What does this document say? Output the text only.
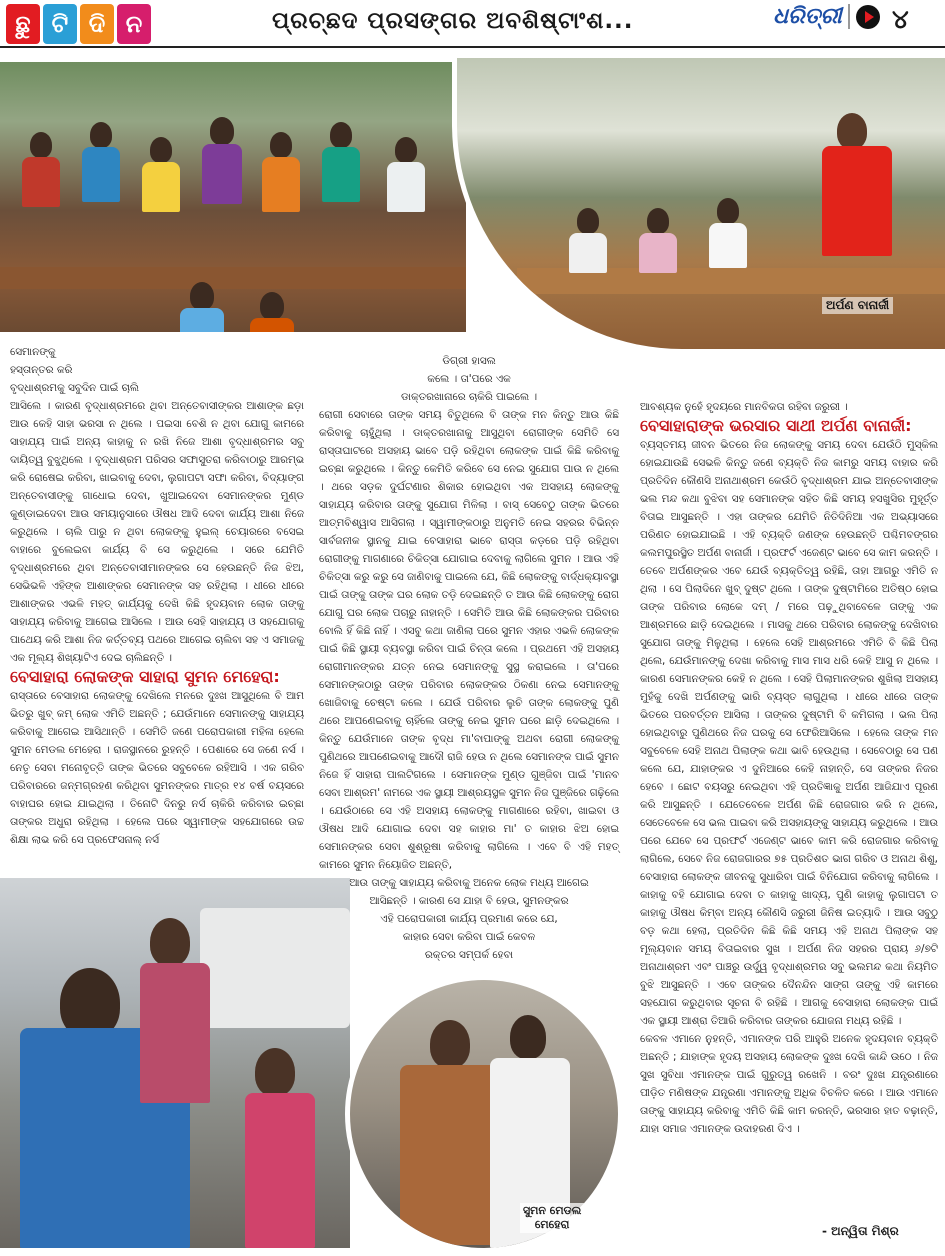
ଛୁ ଟି ଦି ନ	ପ୍ରଚ୍ଛଦ ପ୍ରସଙ୍ଗର ଅବଶିଷ୍ଟାଂଶ...	ଧରିତ୍ରୀ	୪
ଅର୍ପଣ ବାନାର୍ଜୀ
ସୁମନ ମେଡଲ
ମେହେରା

ସେମାନଙ୍କୁ

ହସ୍ତାନ୍ତର କରି

ବୃଦ୍ଧାଶ୍ରମକୁ ସବୁଦିନ ପାଇଁ ଚାଲି

ଆସିଲେ । କାରଣ ବୃଦ୍ଧାଶ୍ରମରେ ଥିବା ଅନ୍ତେବାସୀଙ୍କର ଆଶାଙ୍କ ଛଡ଼ା ଆଉ କେହି ସାହା ଭରସା ନ ଥିଲେ । ପଇସା ବେଶି ନ ଥିବା ଯୋଗୁ କାମରେ ସାହାଯ୍ୟ ପାଇଁ ଅନ୍ୟ କାହାକୁ ନ ରଖି ନିଜେ ଆଶା ବୃଦ୍ଧାଶ୍ରମର ସବୁ ଦାୟିତ୍ୱ ବୁଝୁଥିଲେ । ବୃଦ୍ଧାଶ୍ରମ ପରିସର ସଫାସୁତରା କରିବାଠାରୁ ଆରମ୍ଭ କରି ରୋଷେଇ କରିବା, ଖାଇବାକୁ ଦେବା, ଲୁଗାପଟା ସଫା କରିବା, ବିଦ୍ୟାଙ୍ଗ ଅନ୍ତେବାସୀଙ୍କୁ ଗାଧୋଇ ଦେବା, ଖୁଆଇଦେବା ସେମାନଙ୍କର ମୁଣ୍ଡ କୁଣ୍ଡାଇଦେବା ଆଉ ସମୟାନୁସାରେ ଔଷଧ ଆଦି ଦେବା କାର୍ଯ୍ୟ ଆଶା ନିଜେ କରୁଥିଲେ । ଚାଲି ପାରୁ ନ ଥିବା ଲୋକଙ୍କୁ ହୁଇଲ୍ ଚେୟାରରେ ବସେଇ ବାହାରେ ବୁଲେଇବା କାର୍ଯ୍ୟ ବି ସେ କରୁଥିଲେ । ସରେ ଯେମିତି ବୃଦ୍ଧାଶ୍ରମରେ ଥିବା ଅନ୍ତେବାସୀମାନଙ୍କର ସେ ହେଉଛନ୍ତି ନିଜ ଝିଅ, ସେଭିଭଳି ଏହିଙ୍କ ଆଶାଙ୍କର ସେମାନଙ୍କ ସହ ରହିଥିଲା । ଧୀରେ ଧୀରେ ଆଶାଙ୍କର ଏଭଳି ମହତ୍ କାର୍ଯ୍ୟକୁ ଦେଖି କିଛି ହୃଦୟବାନ ଲୋକ ତାଙ୍କୁ ସାହାଯ୍ୟ କରିବାକୁ ଆଗେଇ ଆସିଲେ । ଆଉ ସେହି ସାହାଯ୍ୟ ଓ ସହଯୋଗକୁ ପାଥେୟ କରି ଆଶା ନିଜ କର୍ତ୍ତବ୍ୟ ପଥରେ ଆଗେଇ ଚାଲିବା ସହ ଏ ସମାଜକୁ ଏକ ମୂଲ୍ୟ ଶିଖ୍ୟାଟିଏ ଦେଇ ଚାଲିଛନ୍ତି ।

ବେସାହାରା ଲୋକଙ୍କ ସାହାରା ସୁମନ ମେହେରା:

ରାସ୍ତାରେ ବେସାହାରା ଲୋକଙ୍କୁ ଦେଖିଲେ ମନରେ ଦୁଃଖ ଆସୁଥିଲେ ବି ଆମ ଭିତରୁ ଖୁବ୍ କମ୍ ଲୋକ ଏମିତି ଅଛନ୍ତି ; ଯେଉଁମାନେ ସେମାନଙ୍କୁ ସାହାଯ୍ୟ କରିବାକୁ ଆଗେଇ ଆସିଥାନ୍ତି । ସେମିତି ଜଣେ ପରୋପକାରୀ ମହିଳା ହେଲେ ସୁମନ ମେଡଲ ମେହେରା । ରାଜସ୍ଥାନରେ ରୁହନ୍ତି । ପେଶାରେ ସେ ଜଣେ ନର୍ସ । ନେତୃ ସେବା ମନୋବୃତ୍ତି ତାଙ୍କ ଭିତରେ ସବୁବେଳେ ରହିଆସି । ଏକ ଗରିବ ପରିବାରରେ ଜନ୍ମଗ୍ରହଣ କରିଥିବା ସୁମନଙ୍କର ମାତ୍ର ୧୪ ବର୍ଷ ବୟସରେ ବାହାଘର ହୋଇ ଯାଇଥିଲା । ତିନୋଟି ଦିନରୁ ନର୍ସ ଚାକିରି କରିବାର ଇଚ୍ଛା ତାଙ୍କର ଅଧୁରା ରହିଥିଲା । ହେଲେ ପରେ ସ୍ୱାମୀଙ୍କ ସହଯୋଗରେ ଉଚ୍ଚ ଶିକ୍ଷା ଲାଭ କରି ସେ ପ୍ରଫେସନାଲ୍ ନର୍ସ

ଡିଗ୍ରୀ ହାସଲ

କଲେ । ତା'ପରେ ଏକ

ଡାକ୍ତରଖାନାରେ ଚାକିରି ପାଇଲେ ।

ରୋଗୀ ସେବାରେ ତାଙ୍କ ସମୟ ବିତୁଥିଲେ ବି ତାଙ୍କ ମନ କିନ୍ତୁ ଆଉ କିଛି କରିବାକୁ ଚାହୁଁଥିଲା । ଡାକ୍ତରଖାନାକୁ ଆସୁଥିବା ରୋଗୀଙ୍କ ସେମିତି ସେ ରାସ୍ତାଘାଟରେ ଅସହାୟ ଭାବେ ପଡ଼ି ରହିଥିବା ଲୋକଙ୍କ ପାଇଁ କିଛି କରିବାକୁ ଇଚ୍ଛା କରୁଥିଲେ । କିନ୍ତୁ କେମିତି କରିବେ ସେ ନେଇ ସୁଯୋଗ ପାଉ ନ ଥିଲେ । ଥରେ ସଡ଼କ ଦୁର୍ଘଟଣାର ଶିକାର ହୋଇଥିବା ଏକ ଅସହାୟ ଲୋକଙ୍କୁ ସାହାଯ୍ୟ କରିବାର ତାଙ୍କୁ ସୁଯୋଗ ମିଳିଲା । ବାସ୍ ସେବେଠୁ ତାଙ୍କ ଭିତରେ ଆତ୍ମବିଶ୍ୱାସ ଆସିଗଲା । ସ୍ୱାମୀଙ୍କଠାରୁ ଅନୁମତି ନେଇ ସହରର ବିଭିନ୍ନ ସାର୍ବଜନୀକ ସ୍ଥାନକୁ ଯାଇ ବେସାହାରା ଭାବେ ରାସ୍ତା କଡ଼ରେ ପଡ଼ି ରହିଥିବା ରୋଗୀଙ୍କୁ ମାଗଣାରେ ଚିକିତ୍ସା ଯୋଗାଇ ଦେବାକୁ ଲାଗିଲେ ସୁମନ । ଆଉ ଏହି ଚିକିତ୍ସା କରୁ କରୁ ସେ ଜାଣିବାକୁ ପାଇଲେ ଯେ, କିଛି ଲୋକଙ୍କୁ ବାର୍ଦ୍ଧକ୍ୟାବସ୍ଥା ପାଇଁ ତାଙ୍କୁ ତାଙ୍କ ଘର ଲୋକ ତଡ଼ି ଦେଇଛନ୍ତି ତ ଆଉ କିଛି ଲୋକଙ୍କୁ ରୋଗ ଯୋଗୁ ଘର ଲୋକ ପଚାରୁ ନାହାନ୍ତି । ସେମିତି ଆଉ କିଛି ଲୋକଙ୍କର ପରିବାର ବୋଲି ହିଁ କିଛି ନାହିଁ । ଏସବୁ କଥା ଜାଣିଲା ପରେ ସୁମନ ଏହାର ଏଭଳି ଲୋକଙ୍କ ପାଇଁ କିଛି ସ୍ଥାୟୀ ବ୍ୟବସ୍ଥା କରିବା ପାଇଁ ଚିନ୍ତା କଲେ । ପ୍ରଥମେ ଏହି ଅସହାୟ ରୋଗୀମାନଙ୍କର ଯତ୍ନ ନେଇ ସେମାନଙ୍କୁ ସୁସ୍ଥ କରାଇଲେ । ତା'ପରେ ସେମାନଙ୍କଠାରୁ ତାଙ୍କ ପରିବାର ଲୋକଙ୍କର ଠିକଣା ନେଇ ସେମାନଙ୍କୁ ଖୋଜିବାକୁ ଚେଷ୍ଟା କଲେ । ଯେଉଁ ପରିବାର ଲୁଚି ତାଙ୍କ ଲୋକଙ୍କୁ ପୁଣି ଥରେ ଆପଣେଇବାକୁ ଚାହିଁଲେ ତାଙ୍କୁ ନେଇ ସୁମନ ଘରେ ଛାଡ଼ି ଦେଇଥିଲେ । କିନ୍ତୁ ଯେଉଁମାନେ ତାଙ୍କ ବୃଦ୍ଧ ମା'ବାପାଙ୍କୁ ଅଥବା ରୋଗୀ ଲୋକଙ୍କୁ ପୁଣିଥରେ ଆପଣେଇବାକୁ ଆଦୌ ରାଜି ହେଉ ନ ଥିଲେ ସେମାନଙ୍କ ପାଇଁ ସୁମନ ନିଜେ ହିଁ ସାହାରା ପାଲଟିଗଲେ । ସେମାନଙ୍କ ମୁଣ୍ଡ ଗୁଞ୍ଜିବା ପାଇଁ 'ମାନବ ସେବା ଆଶ୍ରମ' ନାମରେ ଏକ ସ୍ଥାୟୀ ଆଶ୍ରୟସ୍ଥଳ ସୁମନ ନିଜ ପୁଞ୍ଜିରେ ଗଢ଼ିଲେ । ଯେଉଁଠାରେ ସେ ଏହି ଅସହାୟ ଲୋକଙ୍କୁ ମାଗଣାରେ ରହିବା, ଖାଇବା ଓ ଔଷଧ ଆଦି ଯୋଗାଇ ଦେବା ସହ କାହାର ମା' ତ କାହାର ଝିଅ ହୋଇ ସେମାନଙ୍କର ସେବା ଶୁଶ୍ରୂଷା କରିବାକୁ ଲାଗିଲେ । ଏବେ ବି ଏହି ମହତ୍ କାମରେ ସୁମନ ନିୟୋଜିତ ଅଛନ୍ତି,

ଆଉ ତାଙ୍କୁ ସାହାଯ୍ୟ କରିବାକୁ ଅନେକ ଲୋକ ମଧ୍ୟ ଆଗେଇ

ଆସିଛନ୍ତି । କାରଣ ସେ ଯାହା ବି ହେଉ, ସୁମନଙ୍କର

ଏହି ପରୋପକାରୀ କାର୍ଯ୍ୟ ପ୍ରମାଣ କରେ ଯେ,

କାହାର ସେବା କରିବା ପାଇଁ କେବଳ

ରକ୍ତର ସମ୍ପର୍କ ହେବା

ଆବଶ୍ୟକ ନୁହେଁ ହୃଦୟରେ ମାନବିକତା ରହିବା ଜରୁରୀ ।

ବେସାହାରାଙ୍କ ଭରସାର ସାଥୀ ଅର୍ପଣ ବାନାର୍ଜୀ:

ବ୍ୟସ୍ତମୟ ଜୀବନ ଭିତରେ ନିଜ ଲୋକଙ୍କୁ ସମୟ ଦେବା ଯେଉଁଠି ମୁସ୍କିଲ ହୋଇଯାଉଛି ସେଭଳି କିନ୍ତୁ ଜଣେ ବ୍ୟକ୍ତି ନିଜ କାମରୁ ସମୟ ବାହାର କରି ପ୍ରତିଦିନ କୌଣସି ଅନାଥାଶ୍ରମ କେଉଁଠି ବୃଦ୍ଧାଶ୍ରମ ଯାଇ ଅନ୍ତେବାସୀଙ୍କ ଭଲ ମନ୍ଦ କଥା ବୁଝିବା ସହ ସେମାନଙ୍କ ସହିତ କିଛି ସମୟ ହସଖୁସିର ମୁହୂର୍ତ୍ତ ବିତାଇ ଆସୁଛନ୍ତି । ଏହା ତାଙ୍କର ଯେମିତି ନିତିଦିନିଆ ଏକ ଅଭ୍ୟାସରେ ପରିଣତ ହୋଇଯାଇଛି । ଏହି ବ୍ୟକ୍ତି ଜଣଙ୍କ ହେଉଛନ୍ତି ପଶ୍ଚିମବଙ୍ଗର କଲମପୁରସ୍ଥିତ ଅର୍ପଣ ବାନାର୍ଜୀ । ପ୍ରଫର୍ଟ ଏଜେଣ୍ଟ ଭାବେ ସେ କାମ କରନ୍ତି । ତେବେ ଅର୍ପଣଙ୍କର ଏବେ ଯେଉଁ ବ୍ୟକ୍ତିତ୍ୱ ରହିଛି, ତାହା ଆଗରୁ ଏମିତି ନ ଥିଲା । ସେ ପିଲାଦିନେ ଖୁବ୍ ଦୁଷ୍ଟ ଥିଲେ । ତାଙ୍କ ଦୁଷ୍ଟାମିରେ ଅତିଷ୍ଠ ହୋଇ ତାଙ୍କ ପରିବାର ଲୋକେ ଦମ୍ / ମରେ ପଢ଼ୁଥିବାବେଳେ ତାଙ୍କୁ ଏକ ଆଶ୍ରମରେ ଛାଡ଼ି ଦେଇଥିଲେ । ମାସକୁ ଥରେ ପରିବାର ଲୋକଙ୍କୁ ଦେଖିବାର ସୁଯୋଗ ତାଙ୍କୁ ମିଳୁଥିଲା । ହେଲେ ସେହି ଆଶ୍ରମରେ ଏମିତି ବି କିଛି ପିଲା ଥିଲେ, ଯେଉଁମାନଙ୍କୁ ଦେଖା କରିବାକୁ ମାସ ମାସ ଧରି କେହି ଆସୁ ନ ଥିଲେ । କାରଣ ସେମାନଙ୍କର କେହି ନ ଥିଲେ । ସେହି ପିଲାମାନଙ୍କର ଶୁଖିଲା ଅସହାୟ ମୁହଁକୁ ଦେଖି ଅର୍ପଣଙ୍କୁ ଭାରି ବ୍ୟସ୍ତ ଲାଗୁଥିଲା । ଧୀରେ ଧୀରେ ତାଙ୍କ ଭିତରେ ପରବର୍ତ୍ତନ ଆସିଲା । ତାଙ୍କର ଦୁଷ୍ଟାମି ବି କମିଗଲା । ଭଲ ପିଲା ହୋଇଥିବାରୁ ପୁଣିଥରେ ନିଜ ଘରକୁ ସେ ଫେରିଆସିଲେ । ହେଲେ ତାଙ୍କ ମନ ସବୁବେଳେ ସେହି ଅନାଥ ପିଲାଙ୍କ କଥା ଭାବି ହେଉଥିଲା । ସେବେଠାରୁ ସେ ପଣ କଲେ ଯେ, ଯାହାଙ୍କର ଏ ଦୁନିଆରେ କେହି ନାହାନ୍ତି, ସେ ତାଙ୍କର ନିଜର ହେବେ । ଛୋଟ ବୟସରୁ ନେଇଥିବା ଏହି ପ୍ରତିଜ୍ଞାକୁ ଅର୍ପଣ ଆଜିଯାଏ ପୂରଣ କରି ଆସୁଛନ୍ତି । ଯେତେବେଳେ ଅର୍ପଣ କିଛି ରୋଜଗାର କରି ନ ଥିଲେ, ସେତେବେଳେ ସେ ଭଲ ପାଇବା କରି ଅସହାୟଙ୍କୁ ସାହାଯ୍ୟ କରୁଥିଲେ । ଆଉ ପରେ ଯେବେ ସେ ପ୍ରଫର୍ଟ ଏଜେଣ୍ଟ ଭାବେ କାମ କରି ରୋଜଗାର କରିବାକୁ ଲାଗିଲେ, ସେବେ ନିଜ ରୋଜଗାରର ୭୫ ପ୍ରତିଶତ ଭାଗ ଗରିବ ଓ ଅନାଥ ଶିଶୁ, ବେସାହାରା ଲୋକଙ୍କ ଜୀବନକୁ ସୁଧାରିବା ପାଇଁ ବିନିଯୋଗ କରିବାକୁ ଲାଗିଲେ । କାହାକୁ ବହି ଯୋଗାଇ ଦେବା ତ କାହାକୁ ଖାଦ୍ୟ, ପୁଣି କାହାକୁ ଲୁଗାପଟା ତ କାହାକୁ ଔଷଧ କିମ୍ବା ଅନ୍ୟ କୌଣସି ଜରୁରୀ ଜିନିଷ ଇତ୍ୟାଦି । ଆଉ ସବୁଠୁ ବଡ଼ କଥା ହେଲା, ପ୍ରତିଦିନ କିଛି କିଛି ସମୟ ଏହି ଅନାଥ ପିଲାଙ୍କ ସହ ମୂଲ୍ୟବାନ ସମୟ ବିତାଇବାର ସୁଖ । ଅର୍ପଣ ନିଜ ସହରର ପ୍ରାୟ ୬/୭ଟି ଅନାଥାଶ୍ରମ ଏବଂ ପାଞ୍ଚରୁ ଉର୍ଦ୍ଧ୍ୱ ବୃଦ୍ଧାଶ୍ରମର ସବୁ ଭଲମନ୍ଦ କଥା ନିୟମିତ ବୁଝି ଆସୁଛନ୍ତି । ଏବେ ତାଙ୍କର ଦୈନନ୍ଦିନ ସାଙ୍ଗ ତାଙ୍କୁ ଏହି କାମରେ ସହଯୋଗ କରୁଥିବାର ସୂଚନା ବି ରହିଛି । ଆଗକୁ ବେସାହାରା ଲୋକଙ୍କ ପାଇଁ ଏକ ସ୍ଥାୟୀ ଆଶ୍ରା ତିଆରି କରିବାର ତାଙ୍କର ଯୋଜନା ମଧ୍ୟ ରହିଛି ।

କେବଳ ଏମାନେ ନୁହନ୍ତି, ଏମାନଙ୍କ ପରି ଆହୁରି ଅନେକ ହୃଦୟବାନ ବ୍ୟକ୍ତି ଅଛନ୍ତି ; ଯାହାଙ୍କ ହୃଦୟ ଅସହାୟ ଲୋକଙ୍କ ଦୁଃଖ ଦେଖି କାନ୍ଦି ଉଠେ । ନିଜ ସୁଖ ସୁବିଧା ଏମାନଙ୍କ ପାଇଁ ଗୁରୁତ୍ୱ ରଖେନି । ବରଂ ଦୁଃଖ ଯନ୍ତ୍ରଣାରେ ପୀଡ଼ିତ ମଣିଷଙ୍କ ଯନ୍ତ୍ରଣା ଏମାନଙ୍କୁ ଅଧିକ ବିଚଳିତ କରେ । ଆଉ ଏମାନେ ତାଙ୍କୁ ସାହାଯ୍ୟ କରିବାକୁ ଏମିତି କିଛି କାମ କରନ୍ତି, ଭରସାର ହାତ ବଢ଼ାନ୍ତି, ଯାହା ସମାଜ ଏମାନଙ୍କ ଉଦାହରଣ ଦିଏ ।

- ଅନ୍ୱିତା ମିଶ୍ର
